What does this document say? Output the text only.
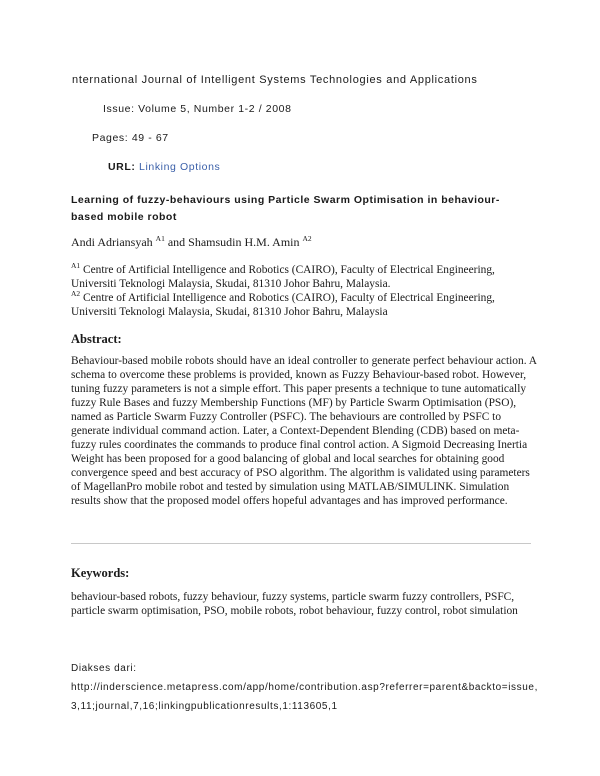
nternational Journal of Intelligent Systems Technologies and Applications
Issue: Volume 5, Number 1-2 / 2008
Pages: 49 - 67
URL: Linking Options
Learning of fuzzy-behaviours using Particle Swarm Optimisation in behaviour-based mobile robot
Andi Adriansyah $^{A1}$ and Shamsudin H.M. Amin $^{A2}$

$^{A1}$ Centre of Artificial Intelligence and Robotics (CAIRO), Faculty of Electrical Engineering, Universiti Teknologi Malaysia, Skudai, 81310 Johor Bahru, Malaysia.

$^{A2}$ Centre of Artificial Intelligence and Robotics (CAIRO), Faculty of Electrical Engineering, Universiti Teknologi Malaysia, Skudai, 81310 Johor Bahru, Malaysia

Abstract:
Behaviour-based mobile robots should have an ideal controller to generate perfect behaviour action. A schema to overcome these problems is provided, known as Fuzzy Behaviour-based robot. However, tuning fuzzy parameters is not a simple effort. This paper presents a technique to tune automatically fuzzy Rule Bases and fuzzy Membership Functions (MF) by Particle Swarm Optimisation (PSO), named as Particle Swarm Fuzzy Controller (PSFC). The behaviours are controlled by PSFC to generate individual command action. Later, a Context-Dependent Blending (CDB) based on meta-fuzzy rules coordinates the commands to produce final control action. A Sigmoid Decreasing Inertia Weight has been proposed for a good balancing of global and local searches for obtaining good convergence speed and best accuracy of PSO algorithm. The algorithm is validated using parameters of MagellanPro mobile robot and tested by simulation using MATLAB/SIMULINK. Simulation results show that the proposed model offers hopeful advantages and has improved performance.
Keywords:
behaviour-based robots, fuzzy behaviour, fuzzy systems, particle swarm fuzzy controllers, PSFC, particle swarm optimisation, PSO, mobile robots, robot behaviour, fuzzy control, robot simulation
Diakses dari:
http://inderscience.metapress.com/app/home/contribution.asp?referrer=parent&backto=issue,3,11;journal,7,16;linkingpublicationresults,1:113605,1
